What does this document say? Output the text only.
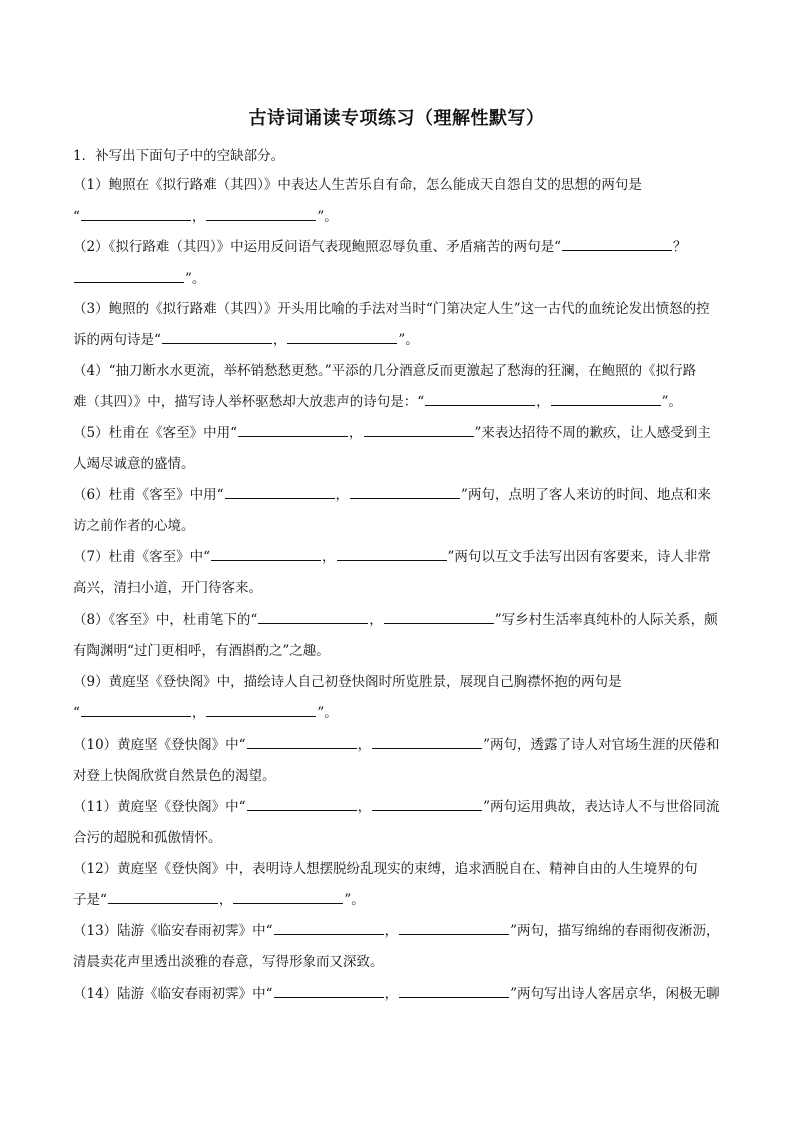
古诗词诵读专项练习（理解性默写）
1．补写出下面句子中的空缺部分。
（1）鲍照在《拟行路难（其四）》中表达人生苦乐自有命，怎么能成天自怨自艾的思想的两句是
“	，	”。
（2）《拟行路难（其四）》中运用反问语气表现鲍照忍辱负重、矛盾痛苦的两句是“	？
”。
（3）鲍照的《拟行路难（其四）》开头用比喻的手法对当时“门第决定人生”这一古代的血统论发出愤怒的控
诉的两句诗是“	，	”。
（4）“抽刀断水水更流，举杯销愁愁更愁。”平添的几分酒意反而更激起了愁海的狂澜，在鲍照的《拟行路
难（其四）》中，描写诗人举杯驱愁却大放悲声的诗句是：“	，	”。
（5）杜甫在《客至》中用“	，	”来表达招待不周的歉疚，让人感受到主
人竭尽诚意的盛情。
（6）杜甫《客至》中用“	，	”两句，点明了客人来访的时间、地点和来
访之前作者的心境。
（7）杜甫《客至》中“	，	”两句以互文手法写出因有客要来，诗人非常
高兴，清扫小道，开门待客来。
（8）《客至》中，杜甫笔下的“	，	”写乡村生活率真纯朴的人际关系，颇
有陶渊明“过门更相呼，有酒斟酌之”之趣。
（9）黄庭坚《登快阁》中，描绘诗人自己初登快阁时所览胜景，展现自己胸襟怀抱的两句是
“	，	”。
（10）黄庭坚《登快阁》中“	，	”两句，透露了诗人对官场生涯的厌倦和
对登上快阁欣赏自然景色的渴望。
（11）黄庭坚《登快阁》中“	，	”两句运用典故，表达诗人不与世俗同流
合污的超脱和孤傲情怀。
（12）黄庭坚《登快阁》中，表明诗人想摆脱纷乱现实的束缚，追求洒脱自在、精神自由的人生境界的句
子是“	，	”。
（13）陆游《临安春雨初霁》中“	，	”两句，描写绵绵的春雨彻夜淅沥，
清晨卖花声里透出淡雅的春意，写得形象而又深致。
（14）陆游《临安春雨初霁》中“	，	”两句写出诗人客居京华，闲极无聊
